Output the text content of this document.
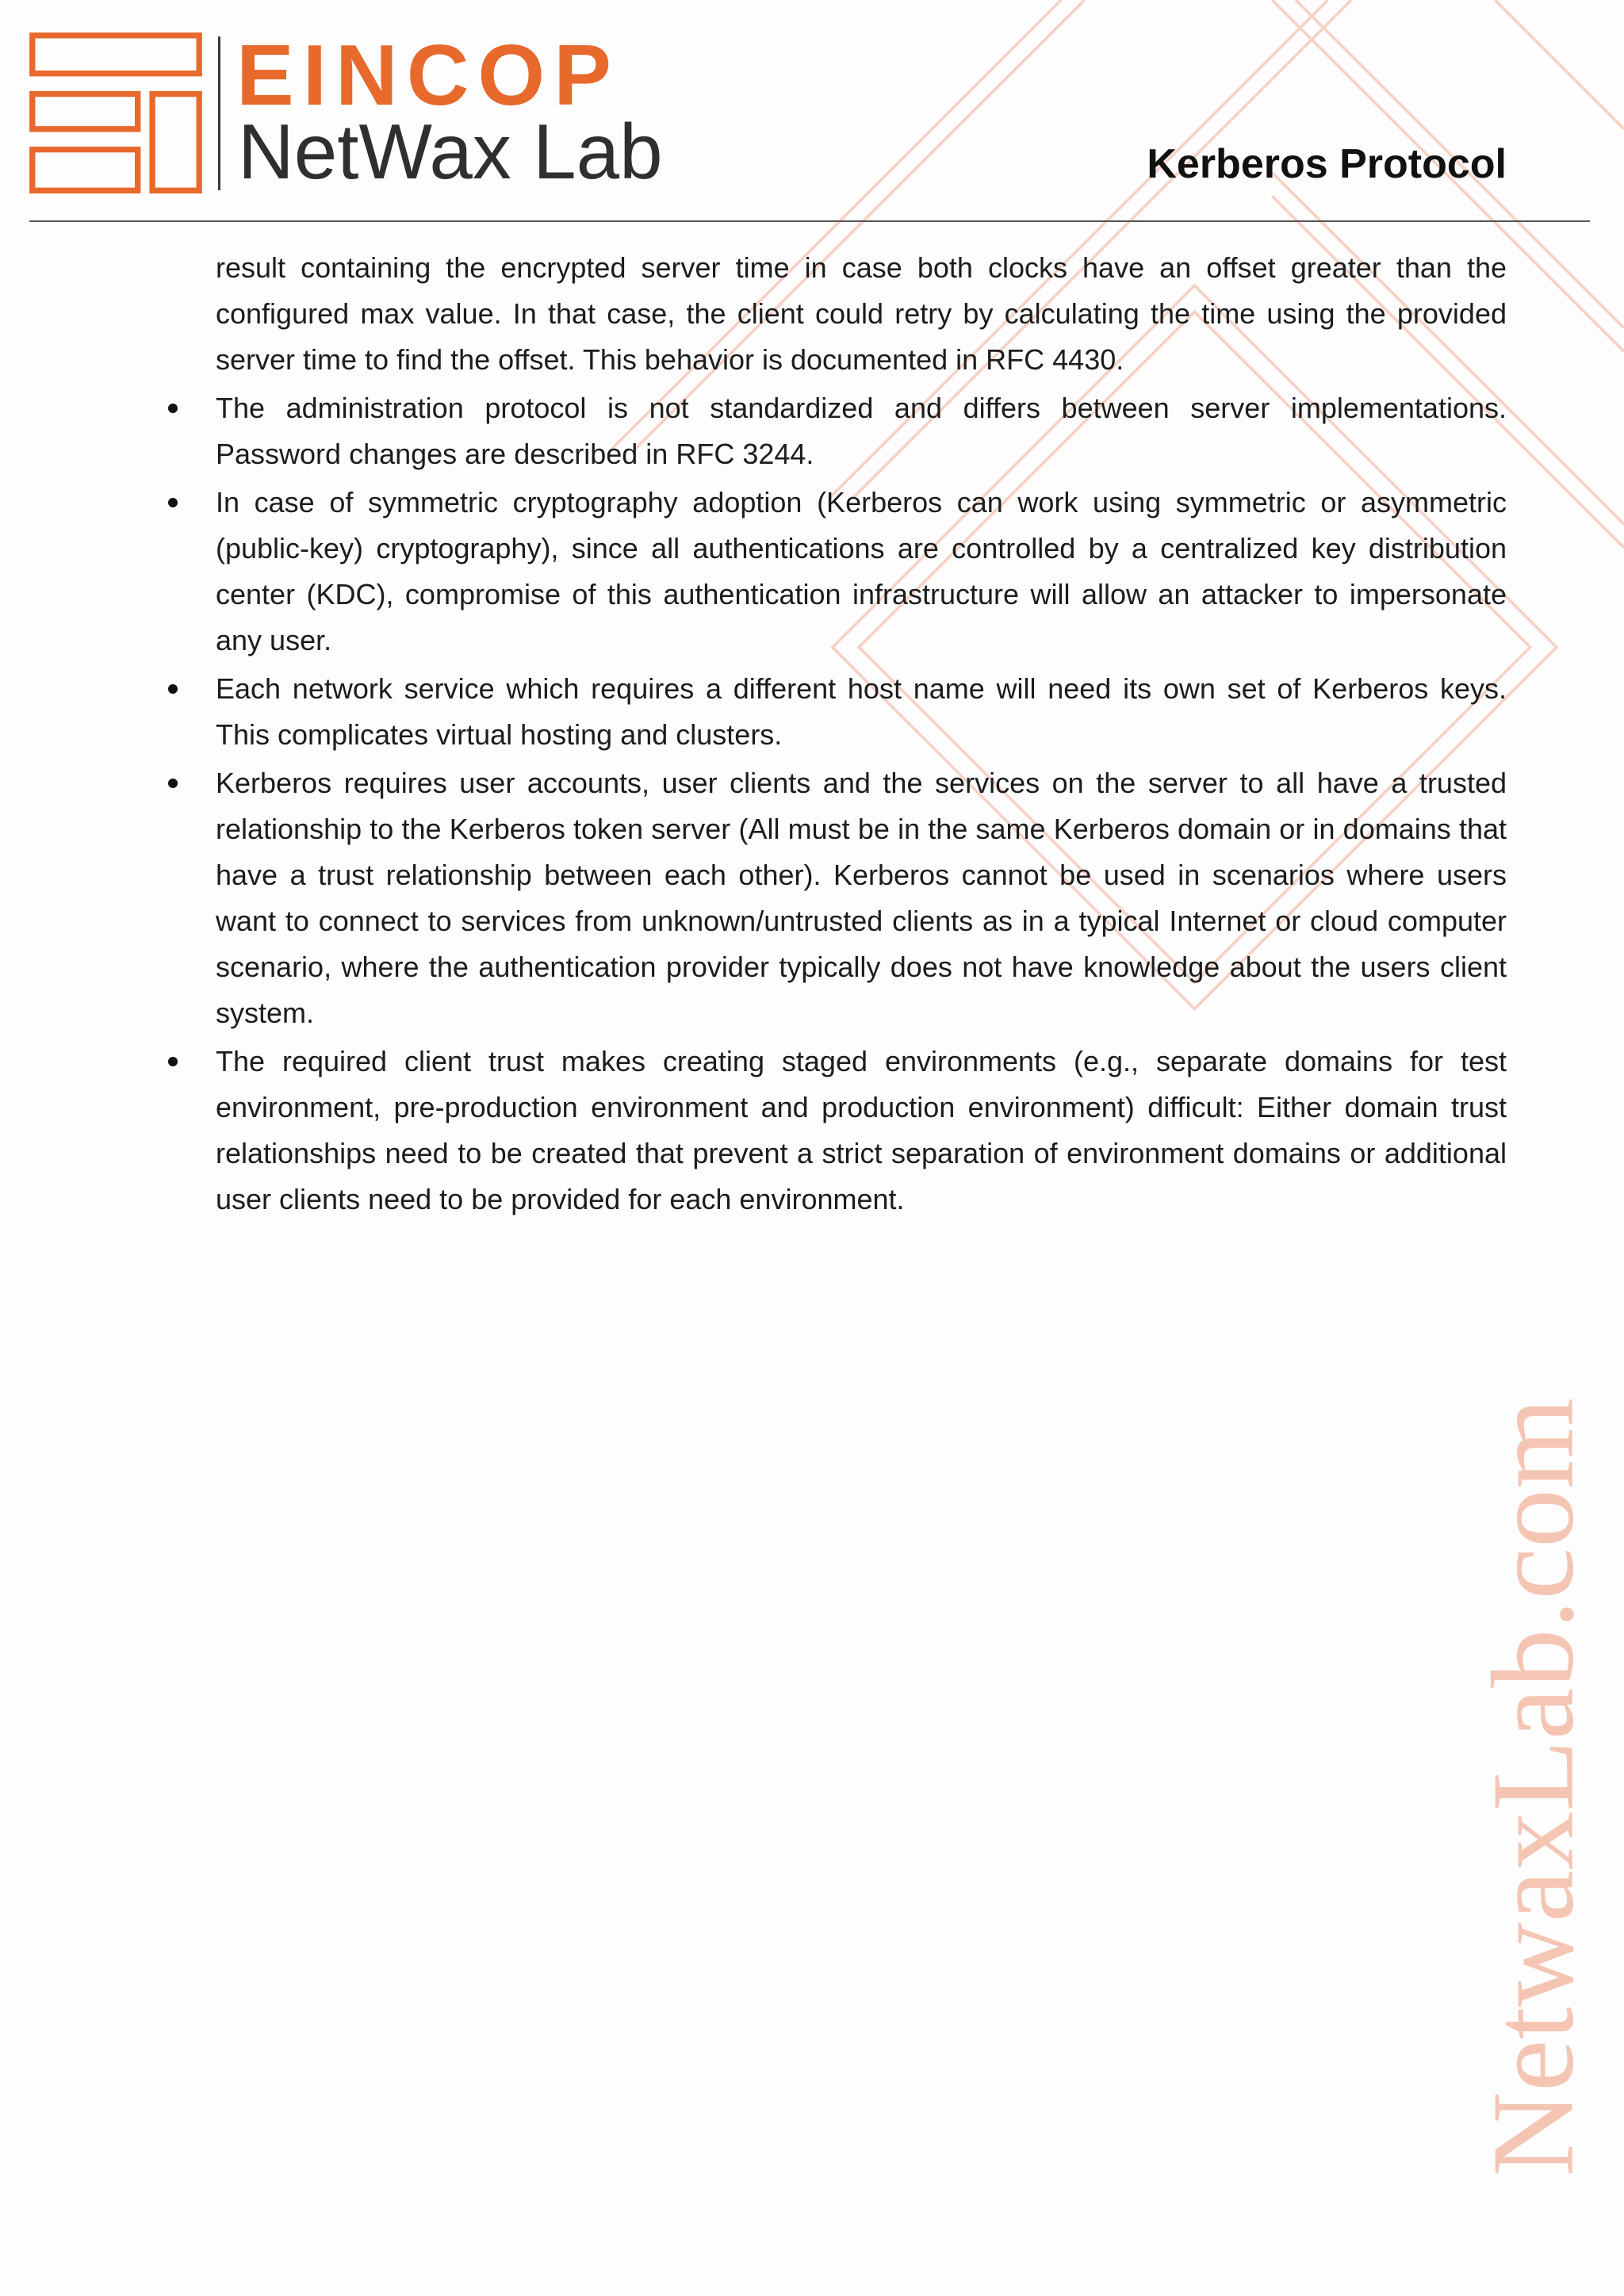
NetwaxLab.com
EINCOP
NetWax Lab	Kerberos Protocol

result containing the encrypted server time in case both clocks have an offset greater than the configured max value. In that case, the client could retry by calculating the time using the provided server time to find the offset. This behavior is documented in RFC 4430.

The administration protocol is not standardized and differs between server implementations. Password changes are described in RFC 3244.
In case of symmetric cryptography adoption (Kerberos can work using symmetric or asymmetric (public-key) cryptography), since all authentications are controlled by a centralized key distribution center (KDC), compromise of this authentication infrastructure will allow an attacker to impersonate any user.
Each network service which requires a different host name will need its own set of Kerberos keys. This complicates virtual hosting and clusters.
Kerberos requires user accounts, user clients and the services on the server to all have a trusted relationship to the Kerberos token server (All must be in the same Kerberos domain or in domains that have a trust relationship between each other). Kerberos cannot be used in scenarios where users want to connect to services from unknown/untrusted clients as in a typical Internet or cloud computer scenario, where the authentication provider typically does not have knowledge about the users client system.
The required client trust makes creating staged environments (e.g., separate domains for test environment, pre-production environment and production environment) difficult: Either domain trust relationships need to be created that prevent a strict separation of environment domains or additional user clients need to be provided for each environment.
